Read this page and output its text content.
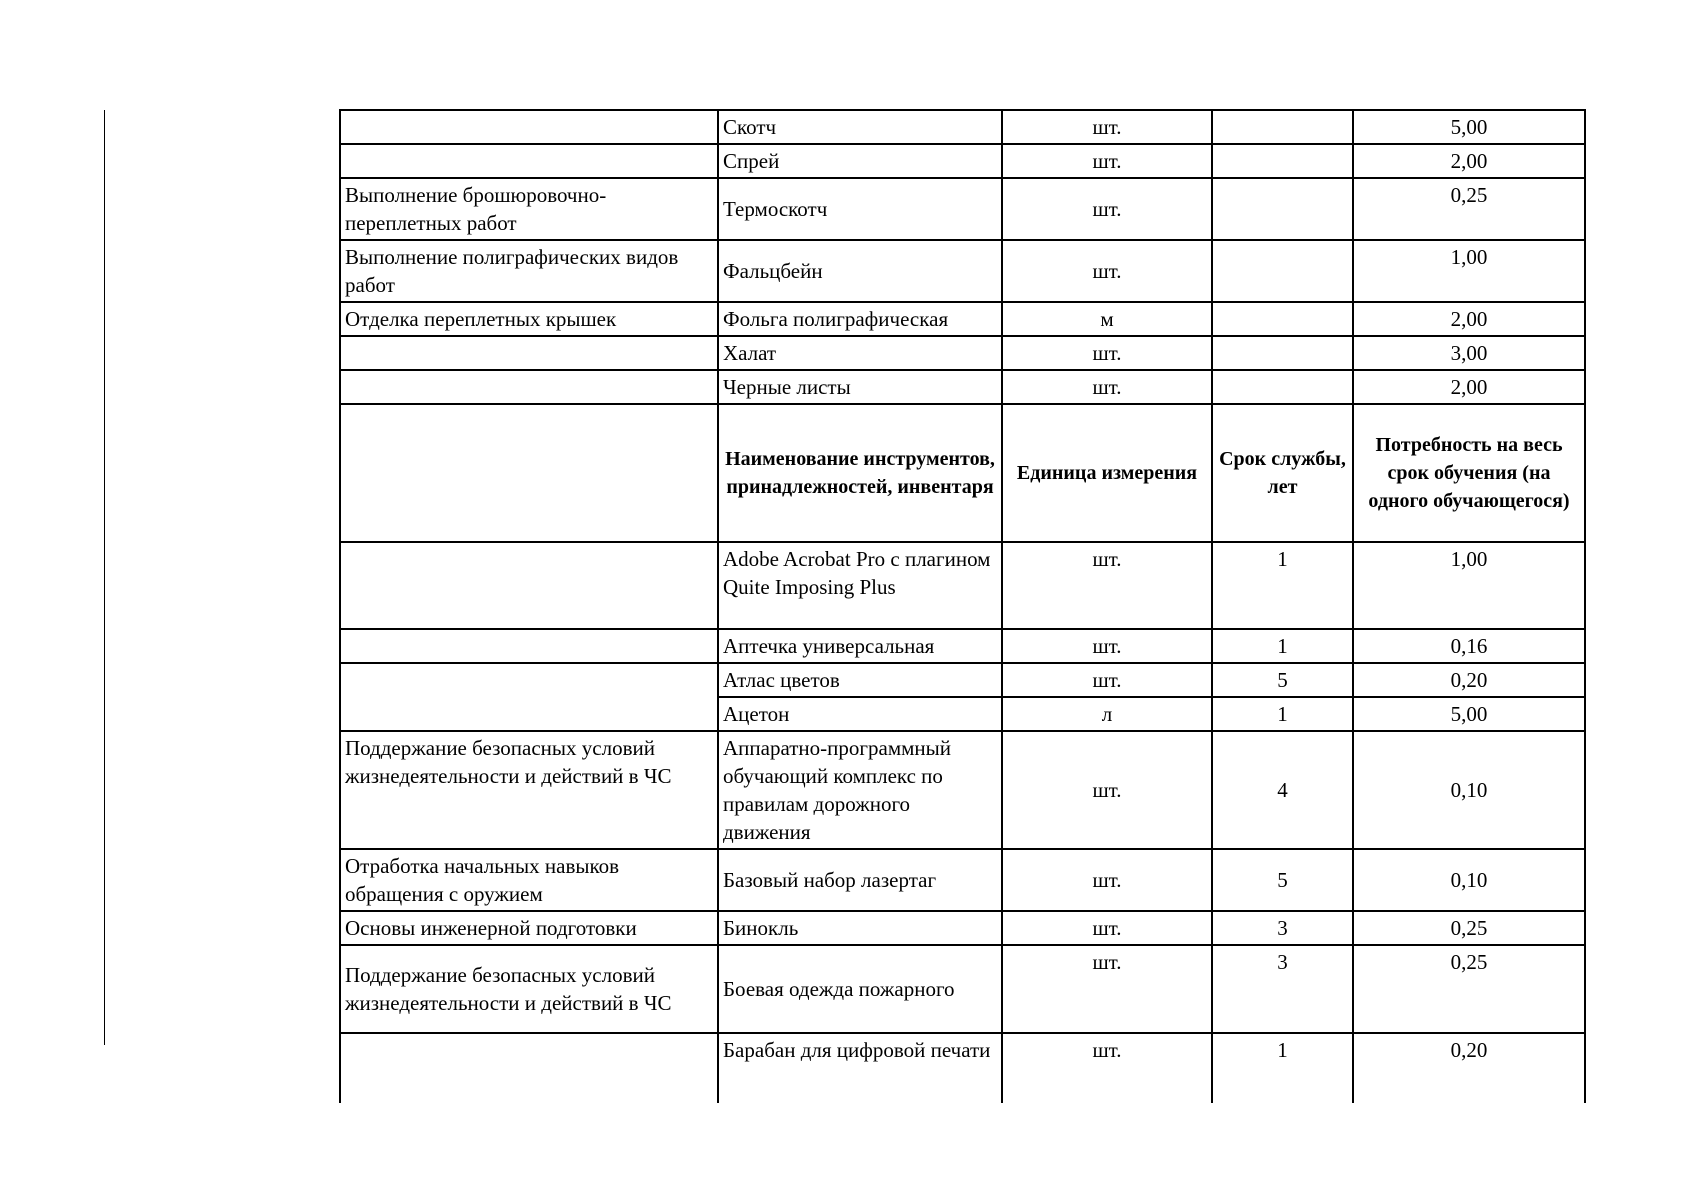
	Скотч	шт.		5,00
	Спрей	шт.		2,00
Выполнение брошюровочно-переплетных работ	Термоскотч	шт.		0,25
Выполнение полиграфических видов работ	Фальцбейн	шт.		1,00
Отделка переплетных крышек	Фольга полиграфическая	м		2,00
	Халат	шт.		3,00
	Черные листы	шт.		2,00
	Наименование инструментов, принадлежностей, инвентаря	Единица измерения	Срок службы, лет	Потребность на весь срок обучения (на одного обучающегося)
	Adobe Acrobat Pro с плагином Quite Imposing Plus	шт.	1	1,00
	Аптечка универсальная	шт.	1	0,16
	Атлас цветов	шт.	5	0,20
	Ацетон	л	1	5,00
Поддержание безопасных условий жизнедеятельности и действий в ЧС	Аппаратно-программный обучающий комплекс по правилам дорожного движения	шт.	4	0,10
Отработка начальных навыков обращения с оружием	Базовый набор лазертаг	шт.	5	0,10
Основы инженерной подготовки	Бинокль	шт.	3	0,25
Поддержание безопасных условий жизнедеятельности и действий в ЧС	Боевая одежда пожарного	шт.	3	0,25
	Барабан для цифровой печати	шт.	1	0,20
